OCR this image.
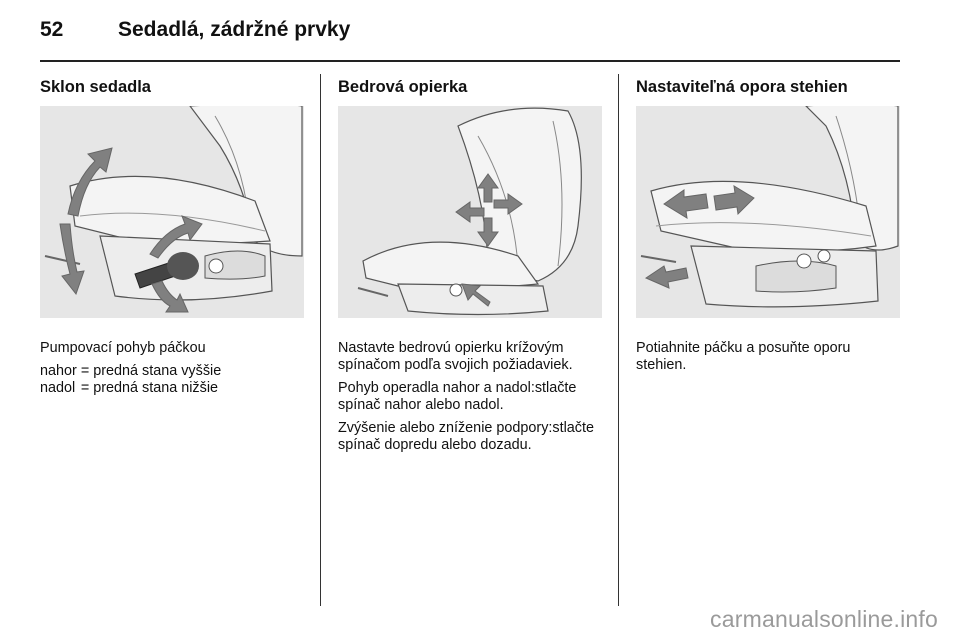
52	Sedadlá, zádržné prvky
Sklon sedadla

Pumpovací pohyb páčkou

nahor	=	predná stana vyššie
nadol	=	predná stana nižšie
Bedrová opierka

Nastavte bedrovú opierku krížovým spínačom podľa svojich požiadaviek.

Pohyb operadla nahor a nadol:stlačte spínač nahor alebo nadol.

Zvýšenie alebo zníženie podpory:stlačte spínač dopredu alebo dozadu.

Nastaviteľná opora stehien

Potiahnite páčku a posuňte oporu stehien.

carmanualsonline.info
